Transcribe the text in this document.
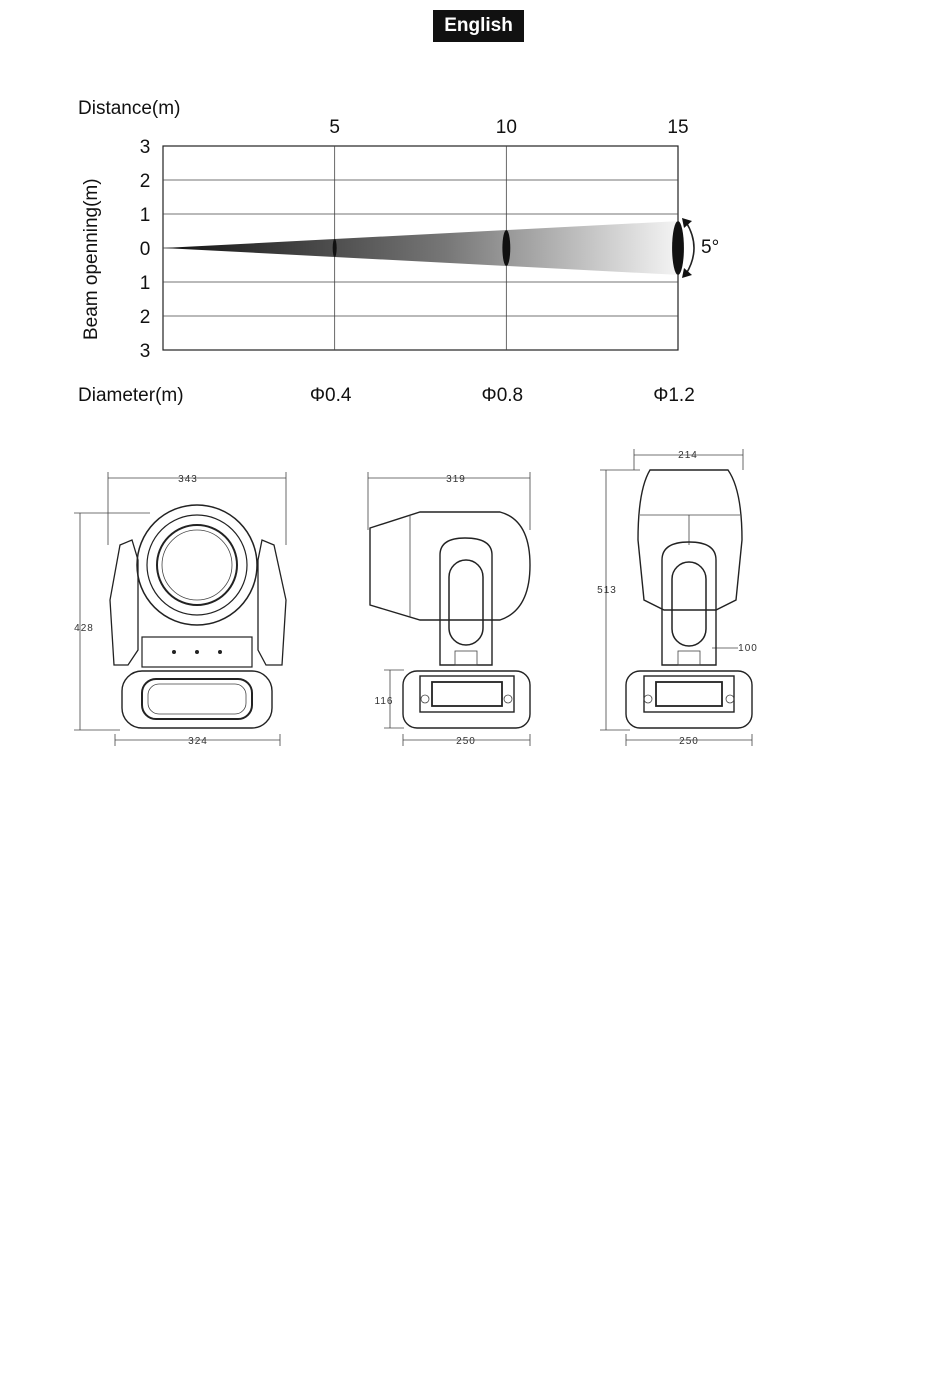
English
Distance(m)
Diameter(m)
Beam openning(m)
3
2
1
0
1
2
3
5	10	15
Φ0.4	Φ0.8	Φ1.2
5°
343
428
324
319
116
250
214
513
100
250
